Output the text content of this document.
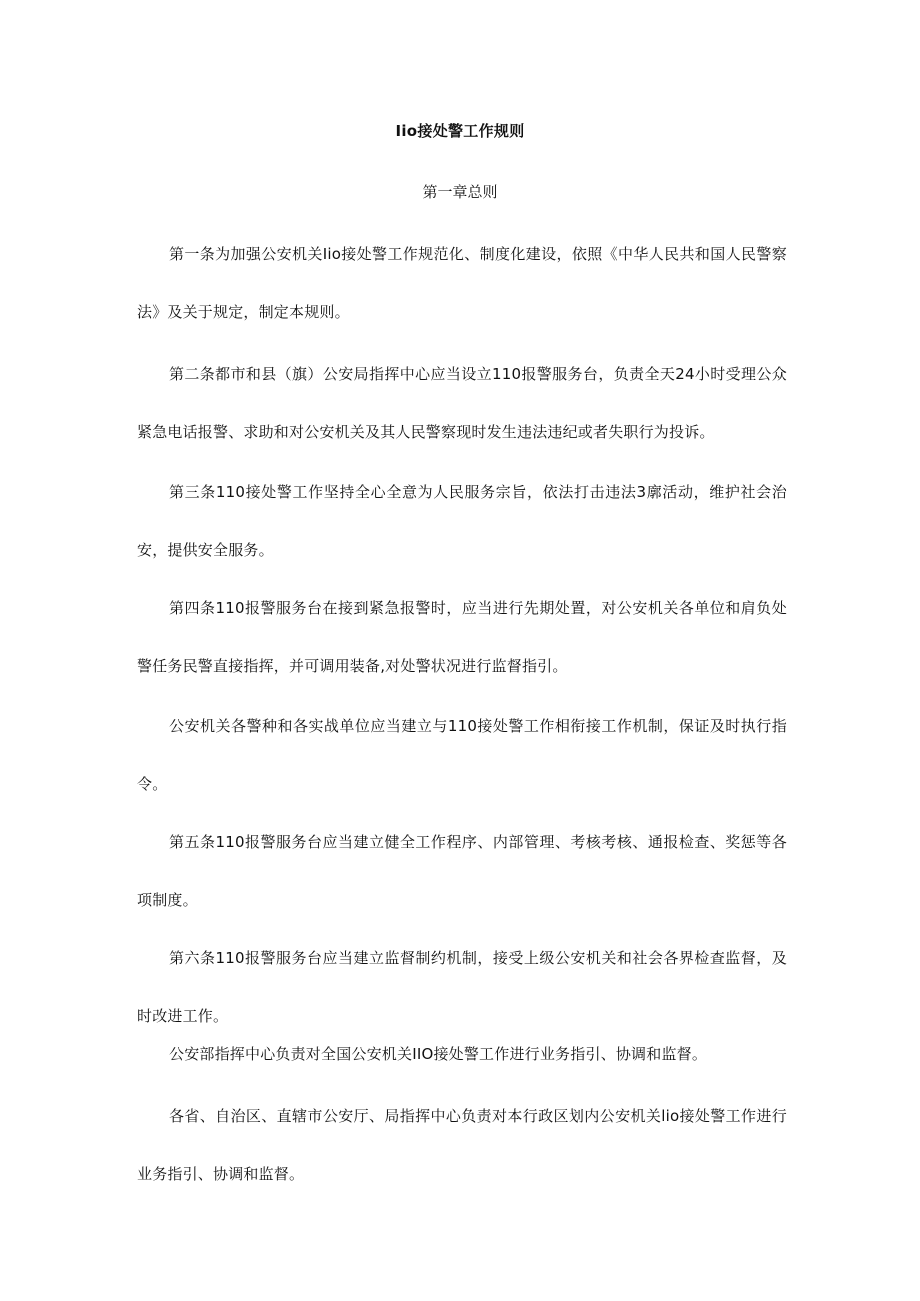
Iio接处警工作规则
第一章总则
第一条为加强公安机关Iio接处警工作规范化、制度化建设，依照《中华人民共和国人民警察法》及关于规定，制定本规则。
第二条都市和县（旗）公安局指挥中心应当设立110报警服务台，负责全天24小时受理公众紧急电话报警、求助和对公安机关及其人民警察现时发生违法违纪或者失职行为投诉。
第三条110接处警工作坚持全心全意为人民服务宗旨，依法打击违法3廓活动，维护社会治安，提供安全服务。
第四条110报警服务台在接到紧急报警时，应当进行先期处置，对公安机关各单位和肩负处警任务民警直接指挥，并可调用装备,对处警状况进行监督指引。
公安机关各警种和各实战单位应当建立与110接处警工作相衔接工作机制，保证及时执行指令。
第五条110报警服务台应当建立健全工作程序、内部管理、考核考核、通报检查、奖惩等各项制度。
第六条110报警服务台应当建立监督制约机制，接受上级公安机关和社会各界检查监督，及时改进工作。
公安部指挥中心负责对全国公安机关IIO接处警工作进行业务指引、协调和监督。
各省、自治区、直辖市公安厅、局指挥中心负责对本行政区划内公安机关lio接处警工作进行业务指引、协调和监督。
